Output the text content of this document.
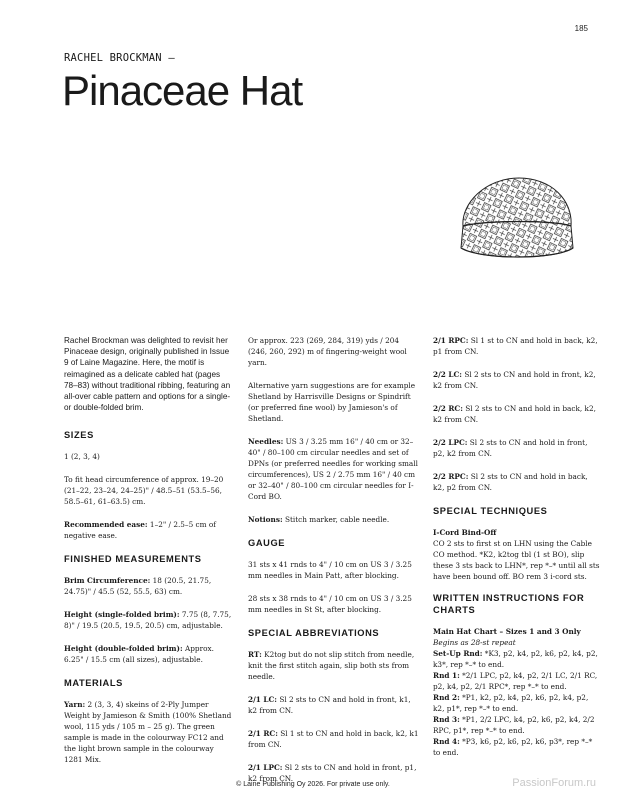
185
RACHEL BROCKMAN —
Pinaceae Hat

Rachel Brockman was delighted to revisit her Pinaceae design, originally published in Issue 9 of Laine Magazine. Here, the motif is reimagined as a delicate cabled hat (pages 78–83) without traditional ribbing, featuring an all-over cable pattern and options for a single- or double-folded brim.

SIZES

1 (2, 3, 4)

To fit head circumference of approx. 19–20 (21–22, 23–24, 24–25)" / 48.5–51 (53.5–56, 58.5–61, 61–63.5) cm.

Recommended ease: 1–2" / 2.5–5 cm of negative ease.

FINISHED MEASUREMENTS

Brim Circumference: 18 (20.5, 21.75, 24.75)" / 45.5 (52, 55.5, 63) cm.

Height (single-folded brim): 7.75 (8, 7.75, 8)" / 19.5 (20.5, 19.5, 20.5) cm, adjustable.

Height (double-folded brim): Approx. 6.25" / 15.5 cm (all sizes), adjustable.

MATERIALS

Yarn: 2 (3, 3, 4) skeins of 2-Ply Jumper Weight by Jamieson & Smith (100% Shetland wool, 115 yds / 105 m – 25 g). The green sample is made in the colourway FC12 and the light brown sample in the colourway 1281 Mix.

Or approx. 223 (269, 284, 319) yds / 204 (246, 260, 292) m of fingering-weight wool yarn.

Alternative yarn suggestions are for example Shetland by Harrisville Designs or Spindrift (or preferred fine wool) by Jamieson's of Shetland.

Needles: US 3 / 3.25 mm 16" / 40 cm or 32–40" / 80–100 cm circular needles and set of DPNs (or preferred needles for working small circumferences), US 2 / 2.75 mm 16" / 40 cm or 32–40" / 80–100 cm circular needles for I-Cord BO.

Notions: Stitch marker, cable needle.

GAUGE

31 sts x 41 rnds to 4" / 10 cm on US 3 / 3.25 mm needles in Main Patt, after blocking.

28 sts x 38 rnds to 4" / 10 cm on US 3 / 3.25 mm needles in St St, after blocking.

SPECIAL ABBREVIATIONS

RT: K2tog but do not slip stitch from needle, knit the first stitch again, slip both sts from needle.

2/1 LC: Sl 2 sts to CN and hold in front, k1, k2 from CN.

2/1 RC: Sl 1 st to CN and hold in back, k2, k1 from CN.

2/1 LPC: Sl 2 sts to CN and hold in front, p1, k2 from CN.

2/1 RPC: Sl 1 st to CN and hold in back, k2, p1 from CN.

2/2 LC: Sl 2 sts to CN and hold in front, k2, k2 from CN.

2/2 RC: Sl 2 sts to CN and hold in back, k2, k2 from CN.

2/2 LPC: Sl 2 sts to CN and hold in front, p2, k2 from CN.

2/2 RPC: Sl 2 sts to CN and hold in back, k2, p2 from CN.

SPECIAL TECHNIQUES

I-Cord Bind-Off

CO 2 sts to first st on LHN using the Cable CO method. *K2, k2tog tbl (1 st BO), slip these 3 sts back to LHN*, rep *–* until all sts have been bound off. BO rem 3 i-cord sts.

WRITTEN INSTRUCTIONS FOR CHARTS

Main Hat Chart – Sizes 1 and 3 Only

Begins as 28-st repeat

Set-Up Rnd: *K3, p2, k4, p2, k6, p2, k4, p2, k3*, rep *–* to end.

Rnd 1: *2/1 LPC, p2, k4, p2, 2/1 LC, 2/1 RC, p2, k4, p2, 2/1 RPC*, rep *–* to end.

Rnd 2: *P1, k2, p2, k4, p2, k6, p2, k4, p2, k2, p1*, rep *–* to end.

Rnd 3: *P1, 2/2 LPC, k4, p2, k6, p2, k4, 2/2 RPC, p1*, rep *–* to end.

Rnd 4: *P3, k6, p2, k6, p2, k6, p3*, rep *–* to end.

© Laine Publishing Oy 2026. For private use only.	PassionForum.ru
